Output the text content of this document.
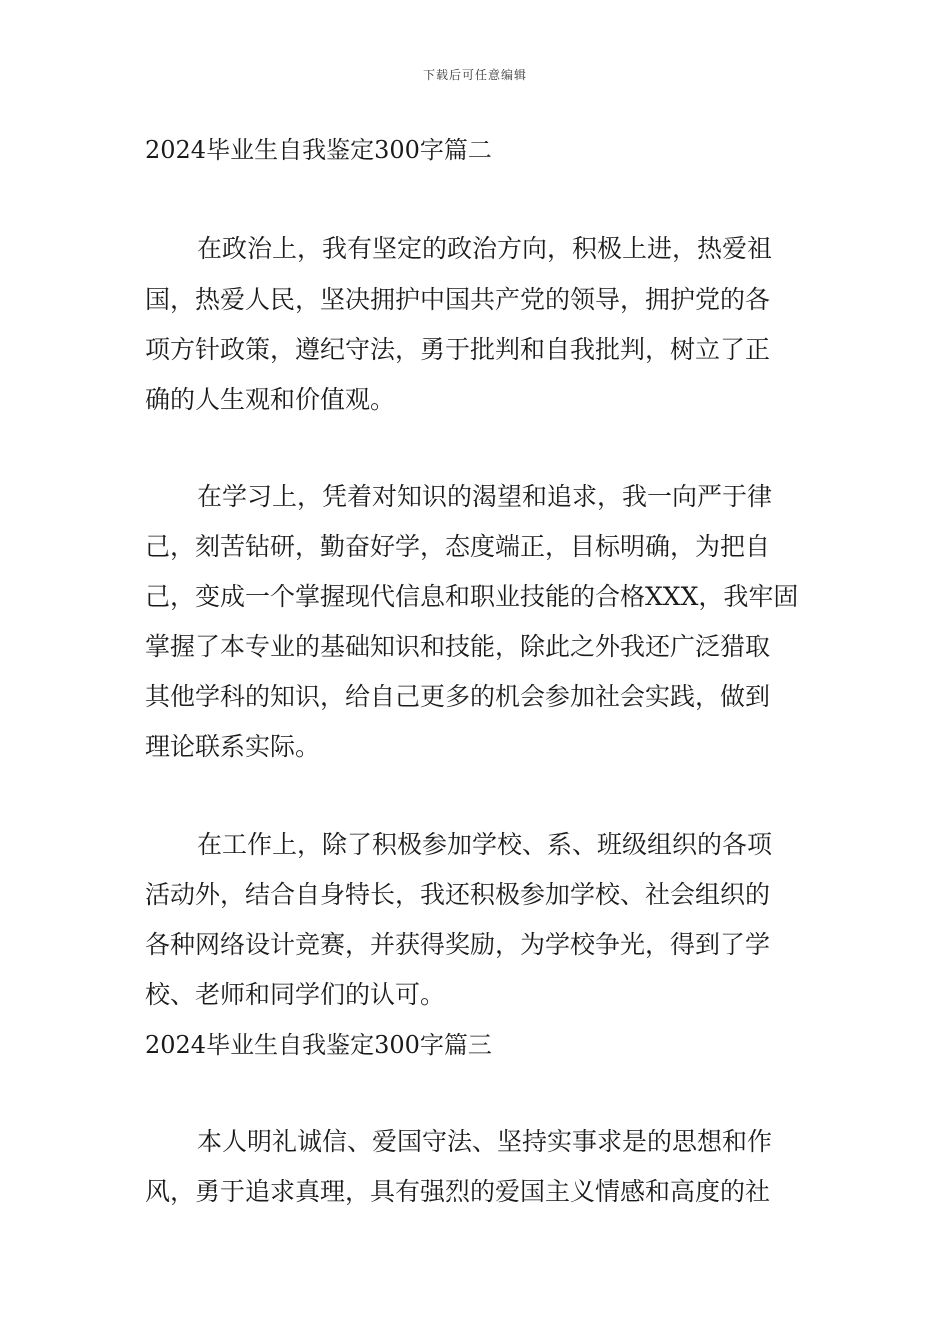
下载后可任意编辑
2024毕业生自我鉴定300字篇二
在政治上，我有坚定的政治方向，积极上进，热爱祖
国，热爱人民，坚决拥护中国共产党的领导，拥护党的各
项方针政策，遵纪守法，勇于批判和自我批判，树立了正
确的人生观和价值观。
在学习上，凭着对知识的渴望和追求，我一向严于律
己，刻苦钻研，勤奋好学，态度端正，目标明确，为把自
己，变成一个掌握现代信息和职业技能的合格XXX，我牢固
掌握了本专业的基础知识和技能，除此之外我还广泛猎取
其他学科的知识，给自己更多的机会参加社会实践，做到
理论联系实际。
在工作上，除了积极参加学校、系、班级组织的各项
活动外，结合自身特长，我还积极参加学校、社会组织的
各种网络设计竞赛，并获得奖励，为学校争光，得到了学
校、老师和同学们的认可。
2024毕业生自我鉴定300字篇三
本人明礼诚信、爱国守法、坚持实事求是的思想和作
风，勇于追求真理，具有强烈的爱国主义情感和高度的社
